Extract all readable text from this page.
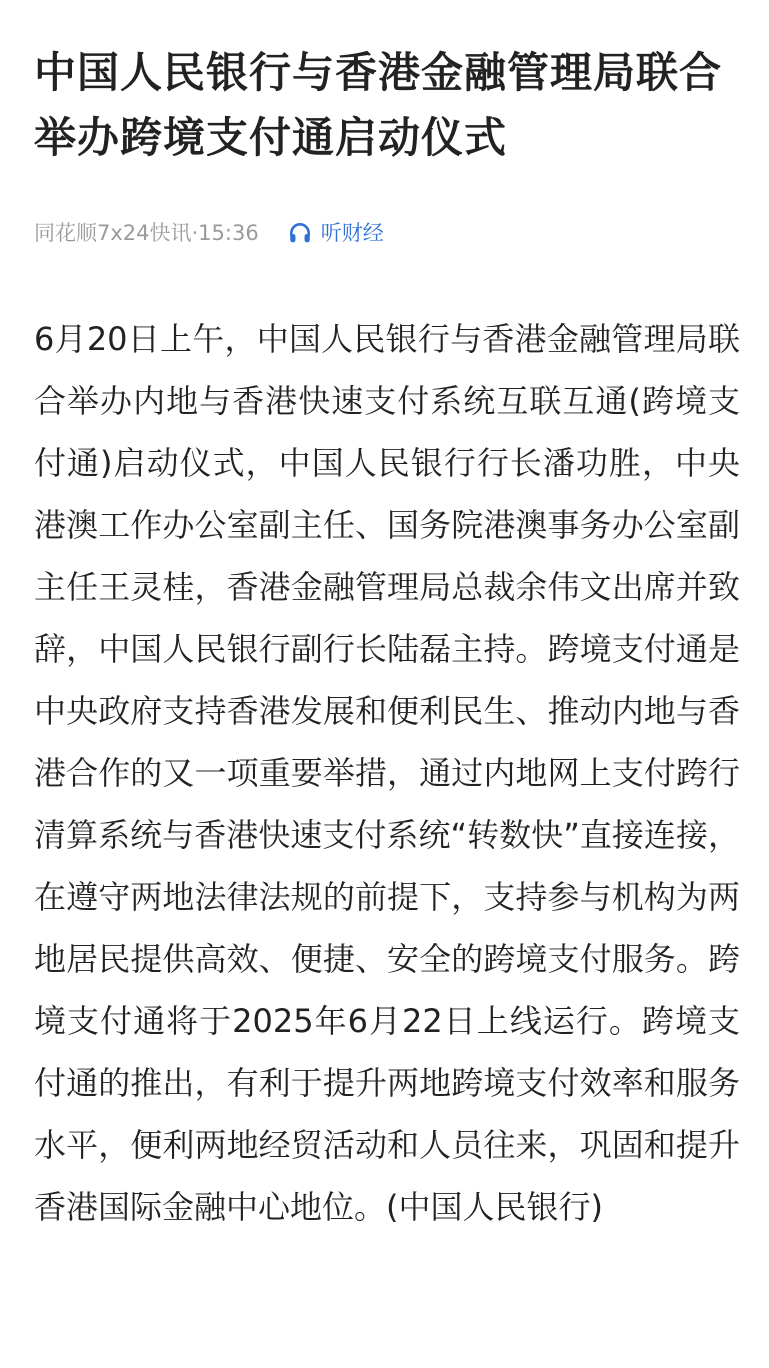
中国人民银行与香港金融管理局联合举办跨境支付通启动仪式
同花顺7x24快讯·15:36	听财经

6月20日上午，中国人民银行与香港金融管理局联合举办内地与香港快速支付系统互联互通(跨境支付通)启动仪式，中国人民银行行长潘功胜，中央港澳工作办公室副主任、国务院港澳事务办公室副主任王灵桂，香港金融管理局总裁余伟文出席并致辞，中国人民银行副行长陆磊主持。跨境支付通是中央政府支持香港发展和便利民生、推动内地与香港合作的又一项重要举措，通过内地网上支付跨行清算系统与香港快速支付系统“转数快”直接连接，在遵守两地法律法规的前提下，支持参与机构为两地居民提供高效、便捷、安全的跨境支付服务。跨境支付通将于2025年6月22日上线运行。跨境支付通的推出，有利于提升两地跨境支付效率和服务水平，便利两地经贸活动和人员往来，巩固和提升香港国际金融中心地位。(中国人民银行)
